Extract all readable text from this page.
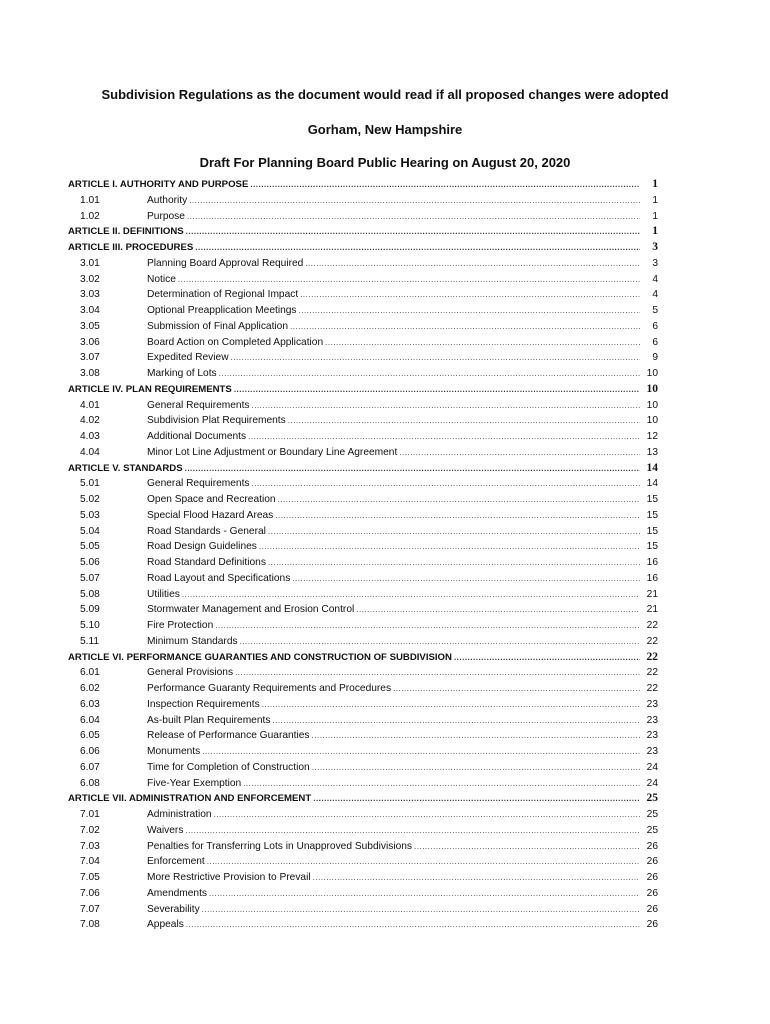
Subdivision Regulations as the document would read if all proposed changes were adopted
Gorham, New Hampshire
Draft For Planning Board Public Hearing on August 20, 2020
ARTICLE I. AUTHORITY AND PURPOSE .....	1
1.01	Authority .....	1
1.02	Purpose .....	1
ARTICLE II. DEFINITIONS .....	1
ARTICLE III. PROCEDURES .....	3
3.01	Planning Board Approval Required .....	3
3.02	Notice .....	4
3.03	Determination of Regional Impact .....	4
3.04	Optional Preapplication Meetings .....	5
3.05	Submission of Final Application .....	6
3.06	Board Action on Completed Application .....	6
3.07	Expedited Review .....	9
3.08	Marking of Lots .....	10
ARTICLE IV. PLAN REQUIREMENTS .....	10
4.01	General Requirements .....	10
4.02	Subdivision Plat Requirements .....	10
4.03	Additional Documents .....	12
4.04	Minor Lot Line Adjustment or Boundary Line Agreement .....	13
ARTICLE V. STANDARDS .....	14
5.01	General Requirements .....	14
5.02	Open Space and Recreation .....	15
5.03	Special Flood Hazard Areas .....	15
5.04	Road Standards - General .....	15
5.05	Road Design Guidelines .....	15
5.06	Road Standard Definitions .....	16
5.07	Road Layout and Specifications .....	16
5.08	Utilities .....	21
5.09	Stormwater Management and Erosion Control .....	21
5.10	Fire Protection .....	22
5.11	Minimum Standards .....	22
ARTICLE VI. PERFORMANCE GUARANTIES AND CONSTRUCTION OF SUBDIVISION .....	22
6.01	General Provisions .....	22
6.02	Performance Guaranty Requirements and Procedures .....	22
6.03	Inspection Requirements .....	23
6.04	As-built Plan Requirements .....	23
6.05	Release of Performance Guaranties .....	23
6.06	Monuments .....	23
6.07	Time for Completion of Construction .....	24
6.08	Five-Year Exemption .....	24
ARTICLE VII. ADMINISTRATION AND ENFORCEMENT .....	25
7.01	Administration .....	25
7.02	Waivers .....	25
7.03	Penalties for Transferring Lots in Unapproved Subdivisions .....	26
7.04	Enforcement .....	26
7.05	More Restrictive Provision to Prevail .....	26
7.06	Amendments .....	26
7.07	Severability .....	26
7.08	Appeals .....	26
